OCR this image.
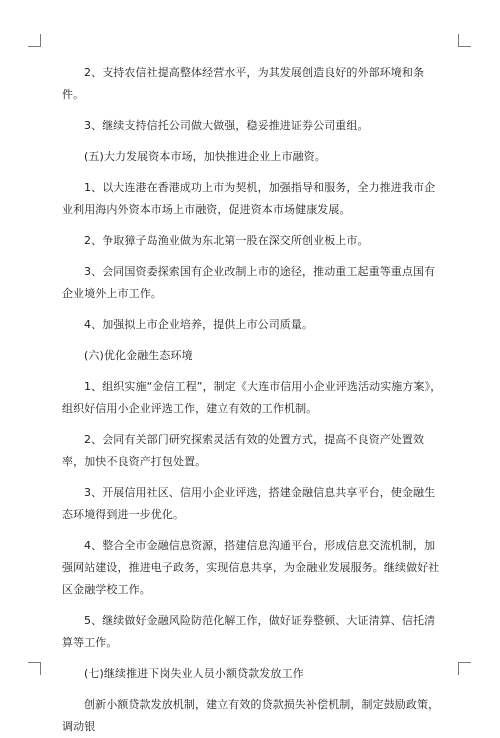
2、支持农信社提高整体经营水平，为其发展创造良好的外部环境和条件。

3、继续支持信托公司做大做强，稳妥推进证券公司重组。

(五)大力发展资本市场，加快推进企业上市融资。

1、以大连港在香港成功上市为契机，加强指导和服务，全力推进我市企业利用海内外资本市场上市融资，促进资本市场健康发展。

2、争取獐子岛渔业做为东北第一股在深交所创业板上市。

3、会同国资委探索国有企业改制上市的途径，推动重工起重等重点国有企业境外上市工作。

4、加强拟上市企业培养，提供上市公司质量。

(六)优化金融生态环境

1、组织实施“金信工程”，制定《大连市信用小企业评选活动实施方案》，组织好信用小企业评选工作，建立有效的工作机制。

2、会同有关部门研究探索灵活有效的处置方式，提高不良资产处置效率，加快不良资产打包处置。

3、开展信用社区、信用小企业评选，搭建金融信息共享平台，使金融生态环境得到进一步优化。

4、整合全市金融信息资源，搭建信息沟通平台，形成信息交流机制，加强网站建设，推进电子政务，实现信息共享，为金融业发展服务。继续做好社区金融学校工作。

5、继续做好金融风险防范化解工作，做好证券整顿、大证清算、信托清算等工作。

(七)继续推进下岗失业人员小额贷款发放工作

创新小额贷款发放机制，建立有效的贷款损失补偿机制，制定鼓励政策，调动银
